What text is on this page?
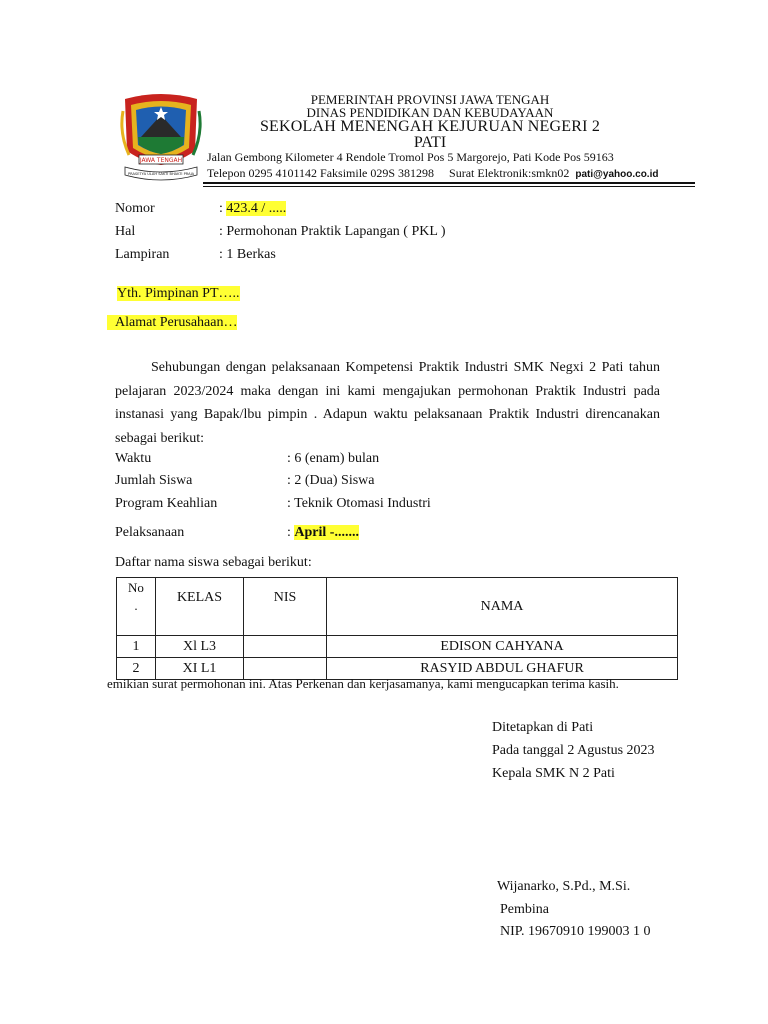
JAWA TENGAH
PRASETYA ULAH SAKTI BHAKTI PRAJA
PEMERINTAH PROVINSI JAWA TENGAH
DINAS PENDIDIKAN DAN KEBUDAYAAN
SEKOLAH MENENGAH KEJURUAN NEGERI 2
PATI
Jalan Gembong Kilometer 4 Rendole Tromol Pos 5 Margorejo, Pati Kode Pos 59163
Telepon 0295 4101142 Faksimile 029S 381298 Surat Elektronik:smkn02 pati@yahoo.co.id
Nomor	: 423.4 / .....
Hal	: Permohonan Praktik Lapangan ( PKL )
Lampiran	: 1 Berkas
Yth. Pimpinan PT…..
Alamat Perusahaan…
Sehubungan dengan pelaksanaan Kompetensi Praktik Industri SMK Negxi 2 Pati tahun pelajaran 2023/2024 maka dengan ini kami mengajukan permohonan Praktik Industri pada instanasi yang Bapak/lbu pimpin . Adapun waktu pelaksanaan Praktik Industri direncanakan sebagai berikut:
Waktu	: 6 (enam) bulan
Jumlah Siswa	: 2 (Dua) Siswa
Program Keahlian	: Teknik Otomasi Industri
Pelaksanaan	: April -.......
Daftar nama siswa sebagai berikut:
No
.	KELAS	NIS	NAMA
1	Xl L3		EDISON CAHYANA
2	XI L1		RASYID ABDUL GHAFUR
emikian surat permohonan ini. Atas Perkenan dan kerjasamanya, kami mengucapkan terima kasih.
Ditetapkan di Pati
Pada tanggal 2 Agustus 2023
Kepala SMK N 2 Pati
Wijanarko, S.Pd., M.Si.
Pembina
NIP. 19670910 199003 1 0
